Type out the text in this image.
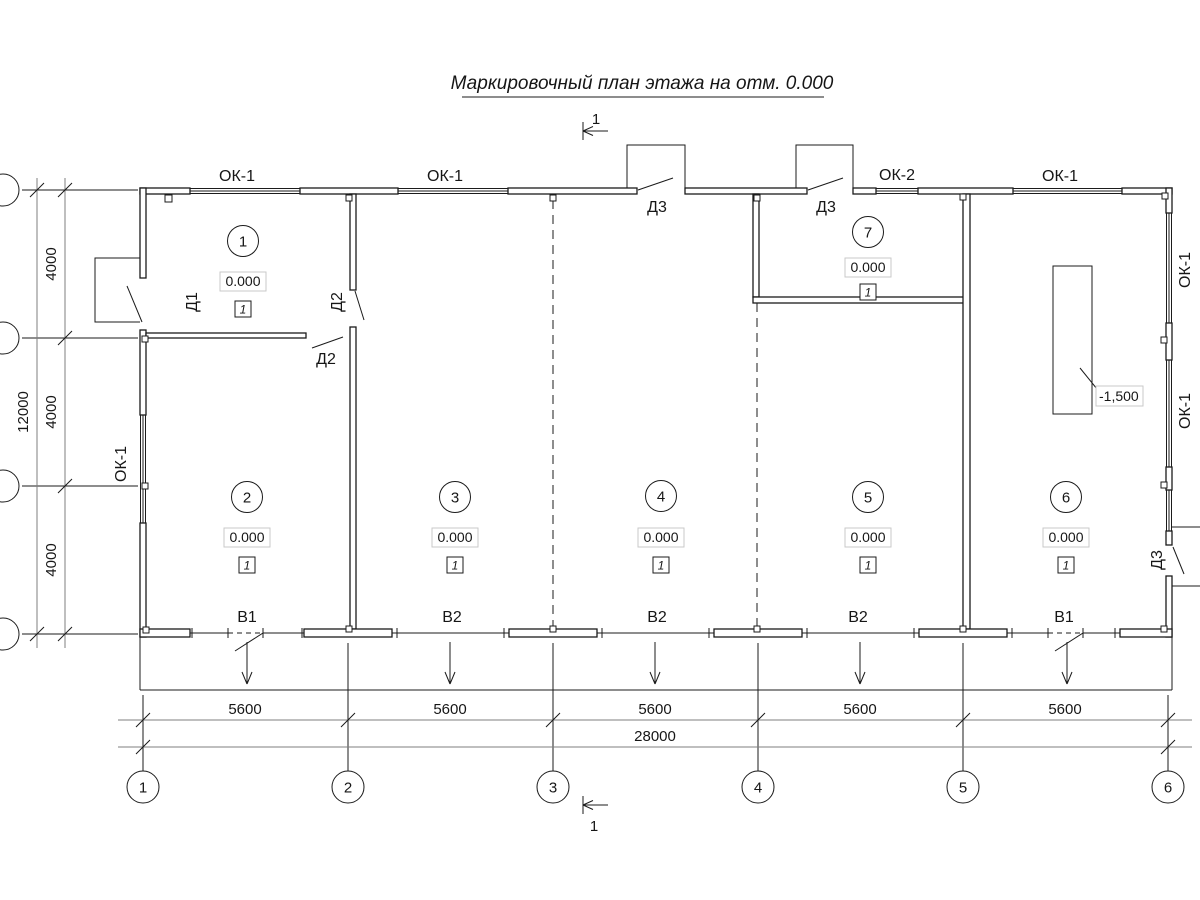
Маркировочный план этажа на отм. 0.000
1
1
-1,500
ОК-1	ОК-1	ОК-2	ОК-1
ОК-1
ОК-1
ОК-1
Д1	Д2
Д2
Д3	Д3
Д3
В1	В2	В2	В2	В1
1
0.000
1
2
0.000
1
3
0.000
1
4
0.000
1
5
0.000
1
6
0.000
1
7
0.000
1
5600	5600	5600	5600	5600
28000
1	2	3	4	5	6
4000
4000
4000
12000
